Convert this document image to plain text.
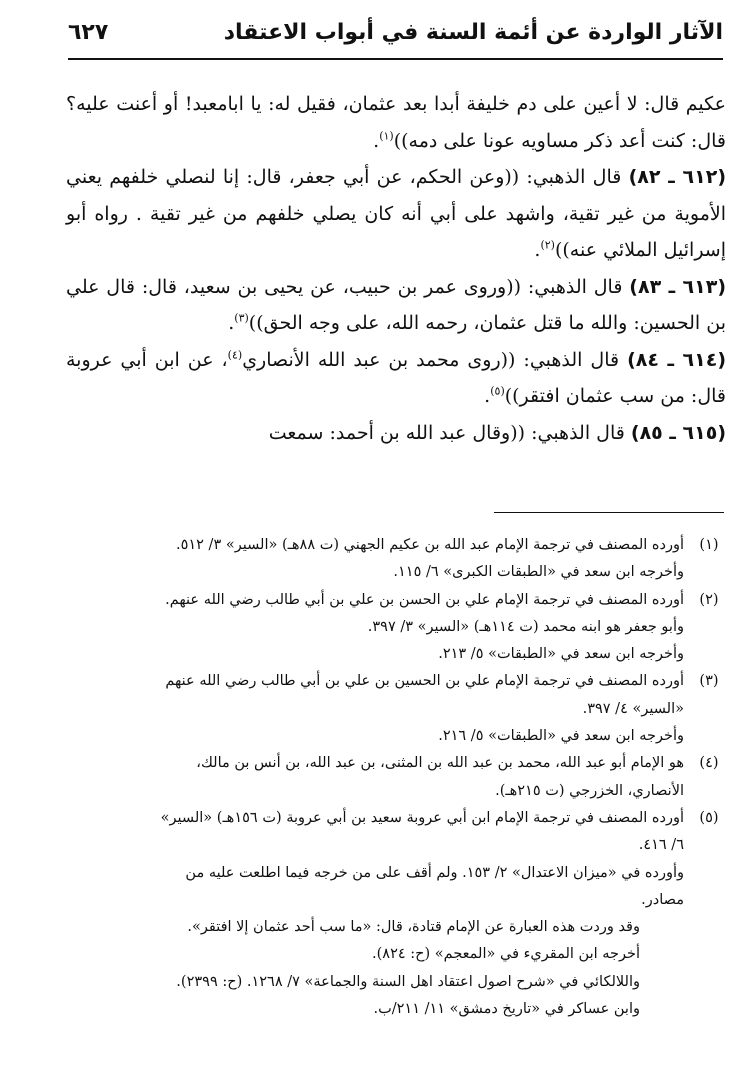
الآثار الواردة عن أئمة السنة في أبواب الاعتقاد
٦٢٧

عكيم قال: لا أعين على دم خليفة أبدا بعد عثمان، فقيل له: يا ابامعبد! أو أعنت عليه؟ قال: كنت أعد ذكر مساويه عونا على دمه))$^{(١)}$.

(٦١٢ ـ ٨٢) قال الذهبي: ((وعن الحكم، عن أبي جعفر، قال: إنا لنصلي خلفهم يعني الأموية من غير تقية، واشهد على أبي أنه كان يصلي خلفهم من غير تقية . رواه أبو إسرائيل الملائي عنه))$^{(٢)}$.

(٦١٣ ـ ٨٣) قال الذهبي: ((وروى عمر بن حبيب، عن يحيى بن سعيد، قال: قال علي بن الحسين: والله ما قتل عثمان، رحمه الله، على وجه الحق))$^{(٣)}$.

(٦١٤ ـ ٨٤) قال الذهبي: ((روى محمد بن عبد الله الأنصاري$^{(٤)}$، عن ابن أبي عروبة قال: من سب عثمان افتقر))$^{(٥)}$.

(٦١٥ ـ ٨٥) قال الذهبي: ((وقال عبد الله بن أحمد: سمعت

(١)
أورده المصنف في ترجمة الإمام عبد الله بن عكيم الجهني (ت ٨٨هـ) «السير» ٣/ ٥١٢.
وأخرجه ابن سعد في «الطبقات الكبرى» ٦/ ١١٥.
(٢)
أورده المصنف في ترجمة الإمام علي بن الحسن بن علي بن أبي طالب رضي الله عنهم.
وأبو جعفر هو ابنه محمد (ت ١١٤هـ) «السير» ٣/ ٣٩٧.
وأخرجه ابن سعد في «الطبقات» ٥/ ٢١٣.
(٣)
أورده المصنف في ترجمة الإمام علي بن الحسين بن علي بن أبي طالب رضي الله عنهم
«السير» ٤/ ٣٩٧.
وأخرجه ابن سعد في «الطبقات» ٥/ ٢١٦.
(٤)
هو الإمام أبو عبد الله، محمد بن عبد الله بن المثنى، بن عبد الله، بن أنس بن مالك،
الأنصاري، الخزرجي (ت ٢١٥هـ).
(٥)
أورده المصنف في ترجمة الإمام ابن أبي عروبة سعيد بن أبي عروبة (ت ١٥٦هـ) «السير»
٦/ ٤١٦.
وأورده في «ميزان الاعتدال» ٢/ ١٥٣. ولم أقف على من خرجه فيما اطلعت عليه من
مصادر.
وقد وردت هذه العبارة عن الإمام قتادة، قال: «ما سب أحد عثمان إلا افتقر».
أخرجه ابن المقريء في «المعجم» (ح: ٨٢٤).
واللالكائي في «شرح اصول اعتقاد اهل السنة والجماعة» ٧/ ١٢٦٨. (ح: ٢٣٩٩).
وابن عساكر في «تاريخ دمشق» ١١/ ٢١١/ب.
